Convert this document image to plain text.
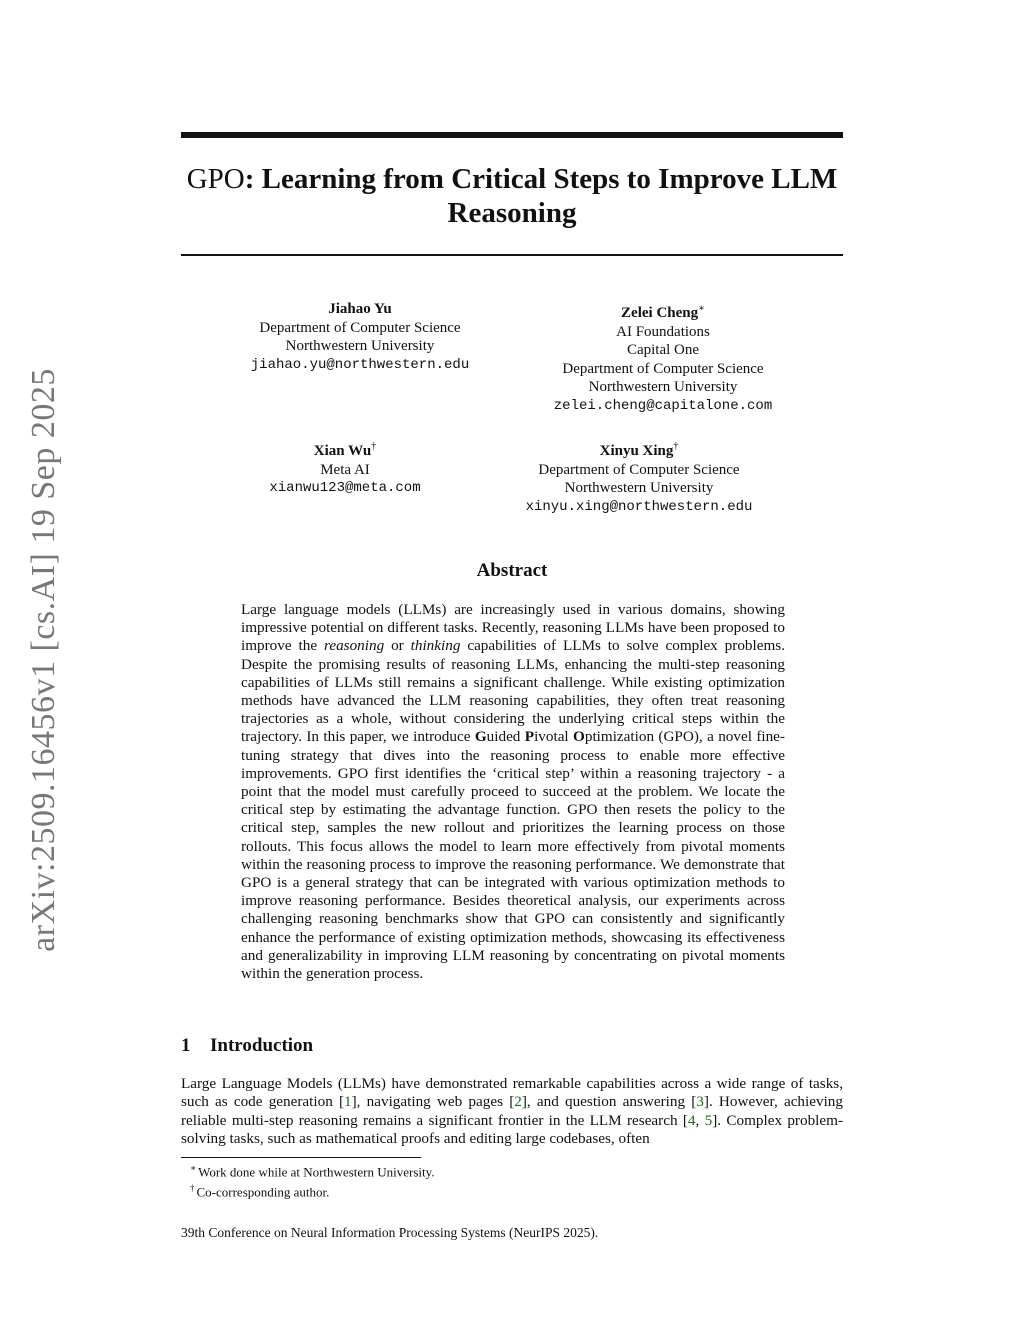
GPO: Learning from Critical Steps to Improve LLM Reasoning
arXiv:2509.16456v1 [cs.AI] 19 Sep 2025
Jiahao Yu
Department of Computer Science
Northwestern University
jiahao.yu@northwestern.edu
Zelei Cheng∗
AI Foundations
Capital One
Department of Computer Science
Northwestern University
zelei.cheng@capitalone.com
Xian Wu†
Meta AI
xianwu123@meta.com
Xinyu Xing†
Department of Computer Science
Northwestern University
xinyu.xing@northwestern.edu
Abstract
Large language models (LLMs) are increasingly used in various domains, showing impressive potential on different tasks. Recently, reasoning LLMs have been proposed to improve the reasoning or thinking capabilities of LLMs to solve complex problems. Despite the promising results of reasoning LLMs, enhancing the multi-step reasoning capabilities of LLMs still remains a significant challenge. While existing optimization methods have advanced the LLM reasoning capabilities, they often treat reasoning trajectories as a whole, without considering the underlying critical steps within the trajectory. In this paper, we introduce Guided Pivotal Optimization (GPO), a novel fine-tuning strategy that dives into the reasoning process to enable more effective improvements. GPO first identifies the ‘critical step’ within a reasoning trajectory - a point that the model must carefully proceed to succeed at the problem. We locate the critical step by estimating the advantage function. GPO then resets the policy to the critical step, samples the new rollout and prioritizes the learning process on those rollouts. This focus allows the model to learn more effectively from pivotal moments within the reasoning process to improve the reasoning performance. We demonstrate that GPO is a general strategy that can be integrated with various optimization methods to improve reasoning performance. Besides theoretical analysis, our experiments across challenging reasoning benchmarks show that GPO can consistently and significantly enhance the performance of existing optimization methods, showcasing its effectiveness and generalizability in improving LLM reasoning by concentrating on pivotal moments within the generation process.
1 Introduction
Large Language Models (LLMs) have demonstrated remarkable capabilities across a wide range of tasks, such as code generation [1], navigating web pages [2], and question answering [3]. However, achieving reliable multi-step reasoning remains a significant frontier in the LLM research [4, 5]. Complex problem-solving tasks, such as mathematical proofs and editing large codebases, often
∗ Work done while at Northwestern University.
† Co-corresponding author.
39th Conference on Neural Information Processing Systems (NeurIPS 2025).
